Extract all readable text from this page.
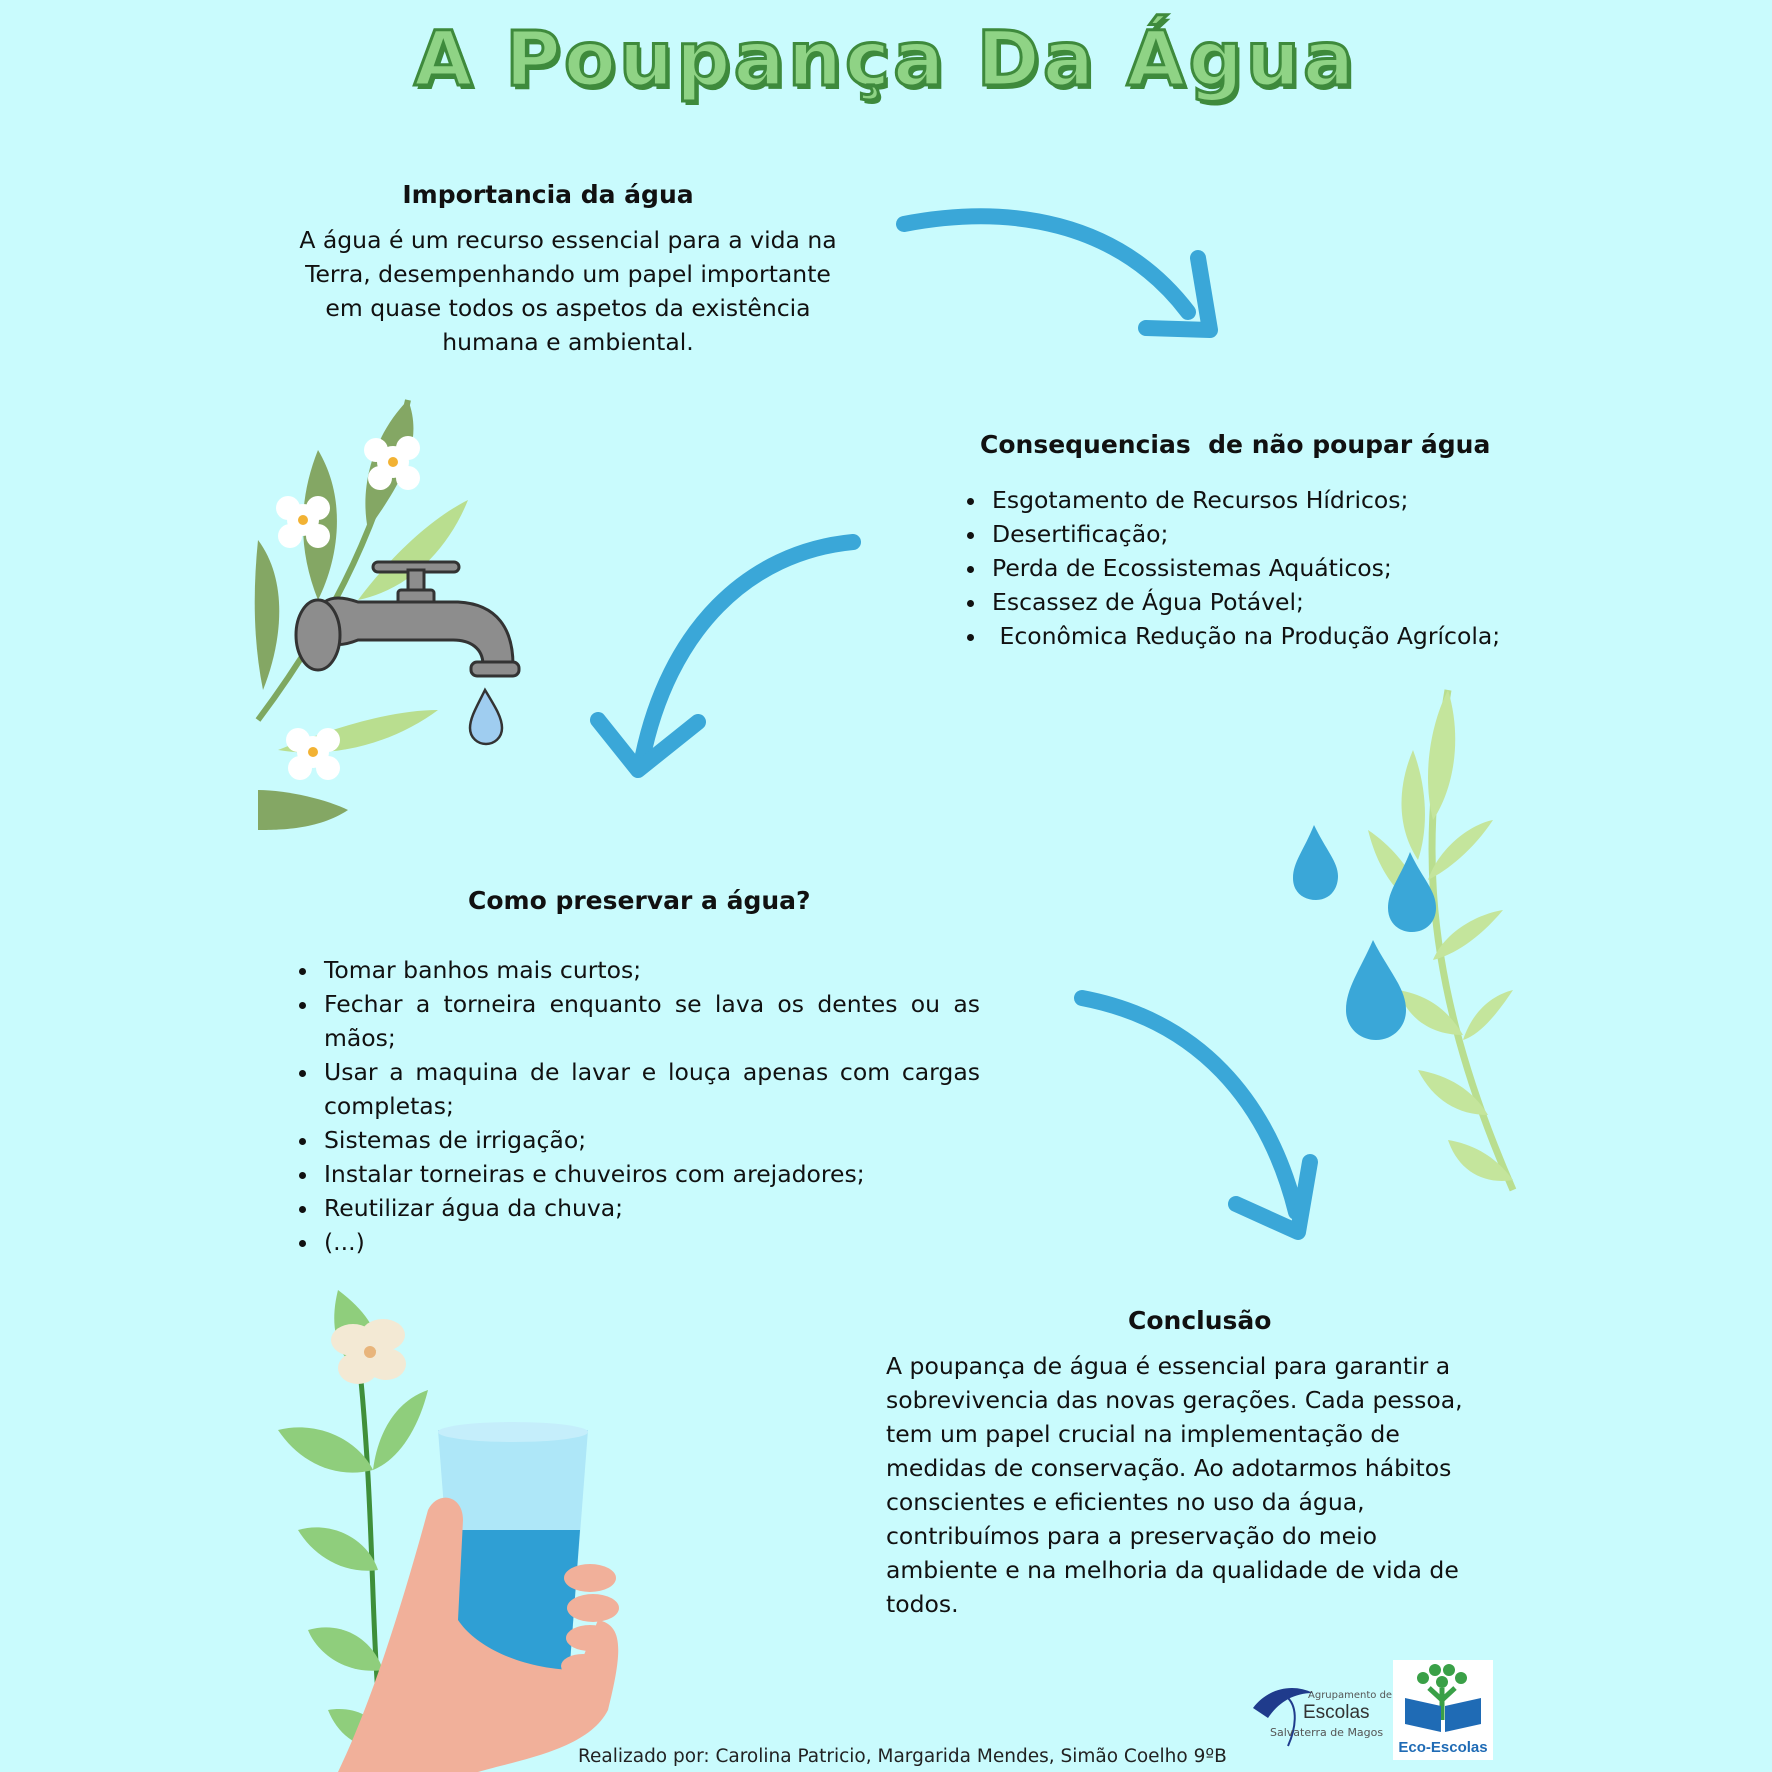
A Poupança Da Água
Importancia da água

A água é um recurso essencial para a vida na Terra, desempenhando um papel importante em quase todos os aspetos da existência humana e ambiental.

Consequencias  de não poupar água
• Esgotamento de Recursos Hídricos;
• Desertificação;
• Perda de Ecossistemas Aquáticos;
• Escassez de Água Potável;
•  Econômica Redução na Produção Agrícola;
Como preservar a água?
• Tomar banhos mais curtos;
• Fechar a torneira enquanto se lava os dentes ou as mãos;
• Usar a maquina de lavar e louça apenas com cargas completas;
• Sistemas de irrigação;
• Instalar torneiras e chuveiros com arejadores;
• Reutilizar água da chuva;
• (...)
Conclusão

A poupança de água é essencial para garantir a sobrevivencia das novas gerações. Cada pessoa, tem um papel crucial na implementação de medidas de conservação. Ao adotarmos hábitos conscientes e eficientes no uso da água, contribuímos para a preservação do meio ambiente e na melhoria da qualidade de vida de todos.

Agrupamento de
Escolas
Salvaterra de Magos
Eco-Escolas
Realizado por: Carolina Patricio, Margarida Mendes, Simão Coelho 9ºB
